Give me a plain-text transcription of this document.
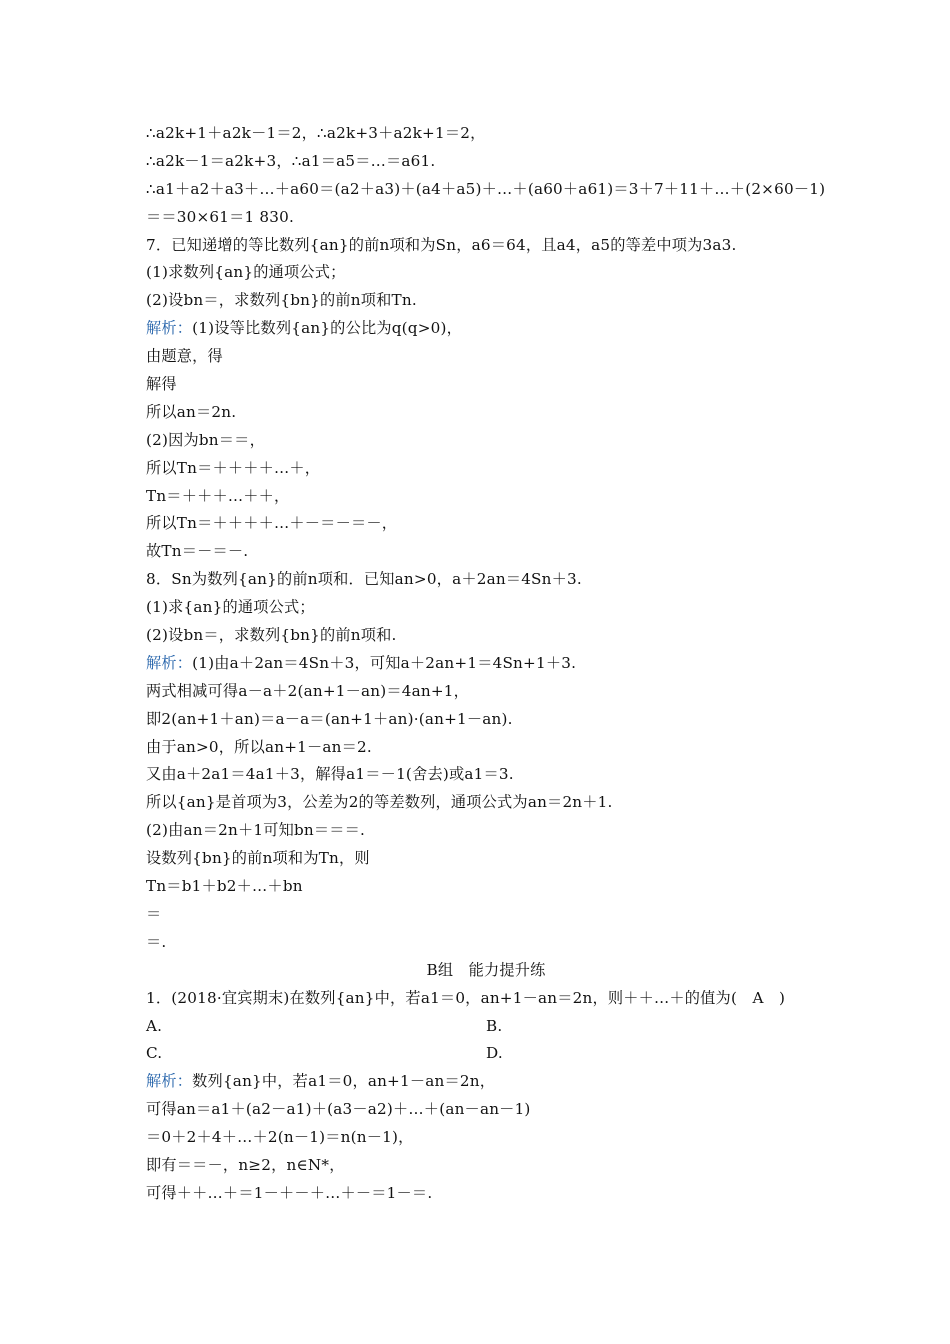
∴a2k+1＋a2k－1＝2，∴a2k+3＋a2k+1＝2，
∴a2k－1＝a2k+3，∴a1＝a5＝…＝a61.
∴a1＋a2＋a3＋…＋a60＝(a2＋a3)＋(a4＋a5)＋…＋(a60＋a61)＝3＋7＋11＋…＋(2×60－1)
＝＝30×61＝1 830.
7．已知递增的等比数列{an}的前n项和为Sn，a6＝64，且a4，a5的等差中项为3a3.
(1)求数列{an}的通项公式；
(2)设bn＝，求数列{bn}的前n项和Tn.
解析：(1)设等比数列{an}的公比为q(q>0)，
由题意，得
解得
所以an＝2n.
(2)因为bn＝＝，
所以Tn＝＋＋＋＋…＋，
Tn＝＋＋＋…＋＋，
所以Tn＝＋＋＋＋…＋－＝－＝－，
故Tn＝－＝－.
8．Sn为数列{an}的前n项和．已知an>0，a＋2an＝4Sn＋3.
(1)求{an}的通项公式；
(2)设bn＝，求数列{bn}的前n项和.
解析：(1)由a＋2an＝4Sn＋3，可知a＋2an+1＝4Sn+1＋3.
两式相减可得a－a＋2(an+1－an)＝4an+1，
即2(an+1＋an)＝a－a＝(an+1＋an)·(an+1－an).
由于an>0，所以an+1－an＝2.
又由a＋2a1＝4a1＋3，解得a1＝－1(舍去)或a1＝3.
所以{an}是首项为3，公差为2的等差数列，通项公式为an＝2n＋1.
(2)由an＝2n＋1可知bn＝＝＝.
设数列{bn}的前n项和为Tn，则
Tn＝b1＋b2＋…＋bn
＝
＝.
B组　能力提升练
1．(2018·宜宾期末)在数列{an}中，若a1＝0，an+1－an＝2n，则＋＋…＋的值为(　A　)
A.	B.
C.	D.
解析：数列{an}中，若a1＝0，an+1－an＝2n，
可得an＝a1＋(a2－a1)＋(a3－a2)＋…＋(an－an－1)
＝0＋2＋4＋…＋2(n－1)＝n(n－1)，
即有＝＝－，n≥2，n∈N*，
可得＋＋…＋＝1－＋－＋…＋－＝1－＝.
